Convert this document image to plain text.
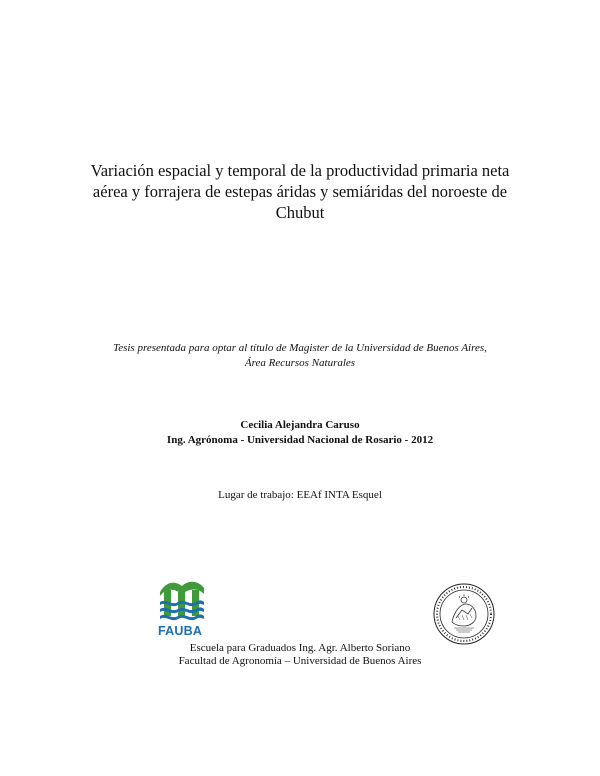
Variación espacial y temporal de la productividad primaria neta
aérea y forrajera de estepas áridas y semiáridas del noroeste de
Chubut
Tesis presentada para optar al título de Magister de la Universidad de Buenos Aires,
Área Recursos Naturales
Cecilia Alejandra Caruso
Ing. Agrónoma - Universidad Nacional de Rosario - 2012
Lugar de trabajo: EEAf INTA Esquel
FAUBA
Escuela para Graduados Ing. Agr. Alberto Soriano
Facultad de Agronomía – Universidad de Buenos Aires
